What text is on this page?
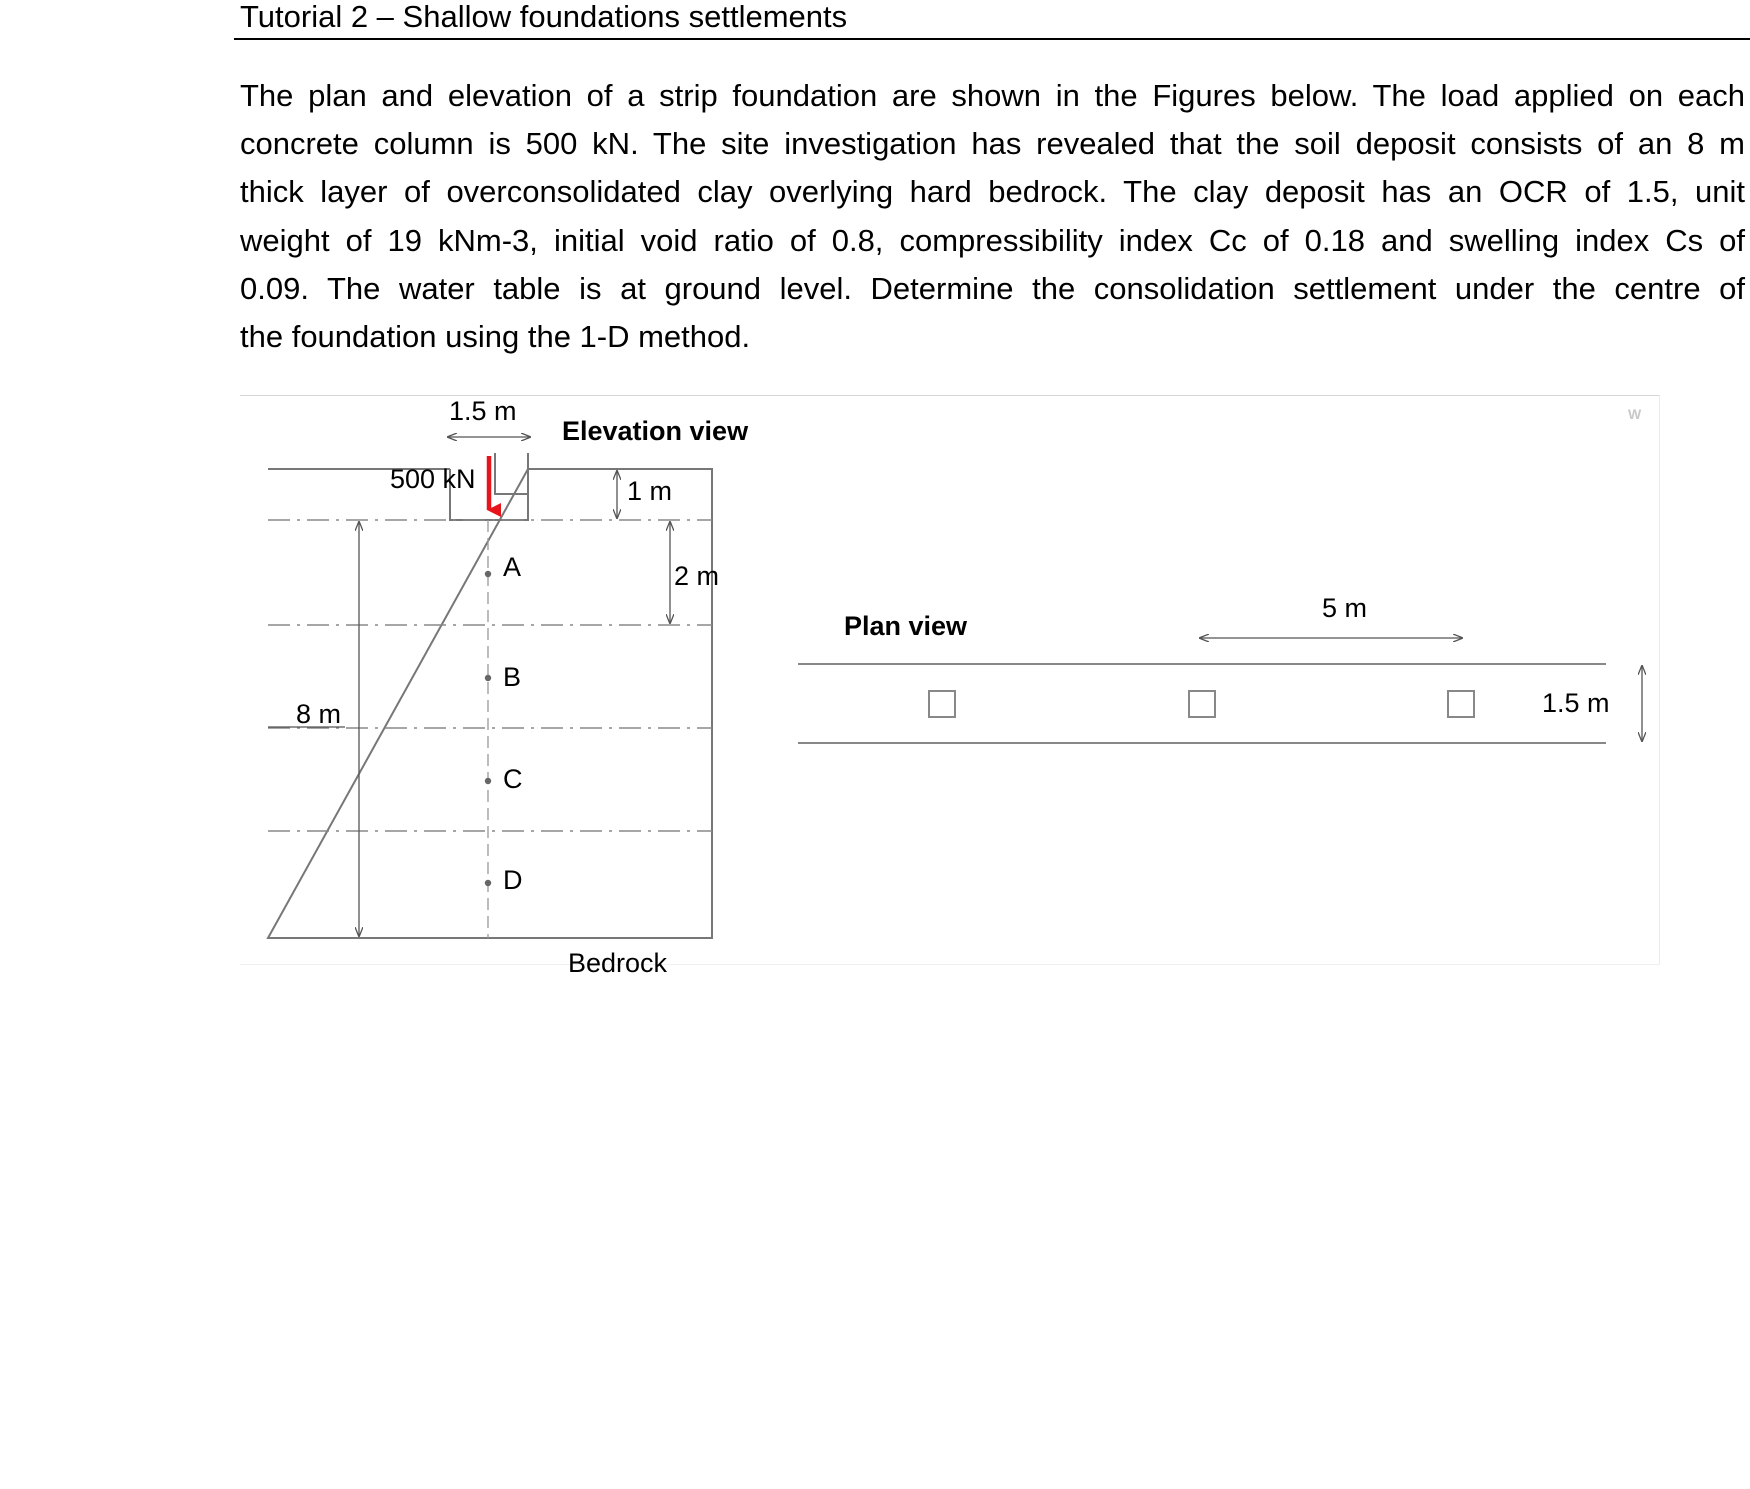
Tutorial 2 – Shallow foundations settlements
The plan and elevation of a strip foundation are shown in the Figures below. The load applied on each
concrete column is 500 kN. The site investigation has revealed that the soil deposit consists of an 8 m
thick layer of overconsolidated clay overlying hard bedrock. The clay deposit has an OCR of 1.5, unit
weight of 19 kNm-3, initial void ratio of 0.8, compressibility index Cc of 0.18 and swelling index Cs of
0.09. The water table is at ground level. Determine the consolidation settlement under the centre of
the foundation using the 1-D method.
1.5 m
Elevation view
500 kN	1 m
2 m
8 m
A
B
C
D
Bedrock
Plan view
5 m
1.5 m
W
